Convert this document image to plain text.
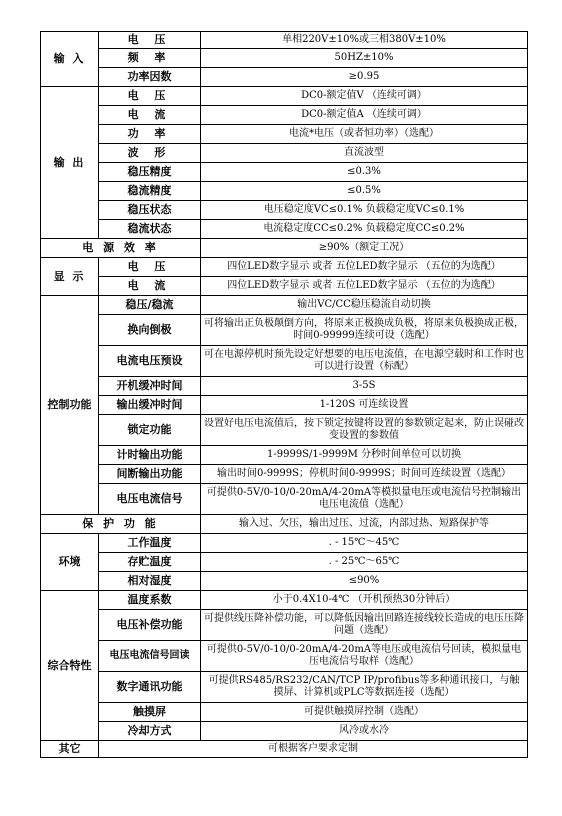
输 入	电 压	单相220V±10%或三相380V±10%
	频 率	50HZ±10%
	功率因数	≥0.95
输 出	电 压	DC0-额定值V （连续可调）
	电 流	DC0-额定值A （连续可调）
	功 率	电流*电压（或者恒功率）（选配）
	波 形	直流波型
	稳压精度	≤0.3%
	稳流精度	≤0.5%
	稳压状态	电压稳定度VC≤0.1% 负载稳定度VC≤0.1%
	稳流状态	电流稳定度CC≤0.2% 负载稳定度CC≤0.2%
电 源 效 率		≥90%（额定工况）
显 示	电 压	四位LED数字显示 或者 五位LED数字显示 （五位的为选配）
	电 流	四位LED数字显示 或者 五位LED数字显示 （五位的为选配）
控制功能	稳压/稳流	输出VC/CC稳压稳流自动切换
	换向倒极	可将输出正负极颠倒方向，将原来正极换成负极，将原来负极换成正极，时间0-99999连续可设（选配）
	电流电压预设	可在电源停机时预先设定好想要的电压电流值，在电源空载时和工作时也可以进行设置（标配）
	开机缓冲时间	3-5S
	输出缓冲时间	1-120S 可连续设置
	锁定功能	设置好电压电流值后，按下锁定按键将设置的参数锁定起来，防止误碰改变设置的参数值
	计时输出功能	1-9999S/1-9999M 分秒时间单位可以切换
	间断输出功能	输出时间0-9999S；停机时间0-9999S；时间可连续设置（选配）
	电压电流信号	可提供0-5V/0-10/0-20mA/4-20mA等模拟量电压或电流信号控制输出电压电流值（选配）
保 护 功 能		输入过、欠压，输出过压、过流，内部过热、短路保护等
环境	工作温度	. - 15℃～45℃
	存贮温度	. - 25℃～65℃
	相对湿度	≤90%
综合特性	温度系数	小于0.4X10-4℃ （开机预热30分钟后）
	电压补偿功能	可提供线压降补偿功能，可以降低因输出回路连接线较长造成的电压压降问题（选配）
	电压电流信号回读	可提供0-5V/0-10/0-20mA/4-20mA等电压或电流信号回读，模拟量电压电流信号取样（选配）
	数字通讯功能	可提供RS485/RS232/CAN/TCP IP/profibus等多种通讯接口，与触摸屏、计算机或PLC等数据连接（选配）
	触摸屏	可提供触摸屏控制（选配）
	冷却方式	风冷或水冷
其它	可根据客户要求定制	
